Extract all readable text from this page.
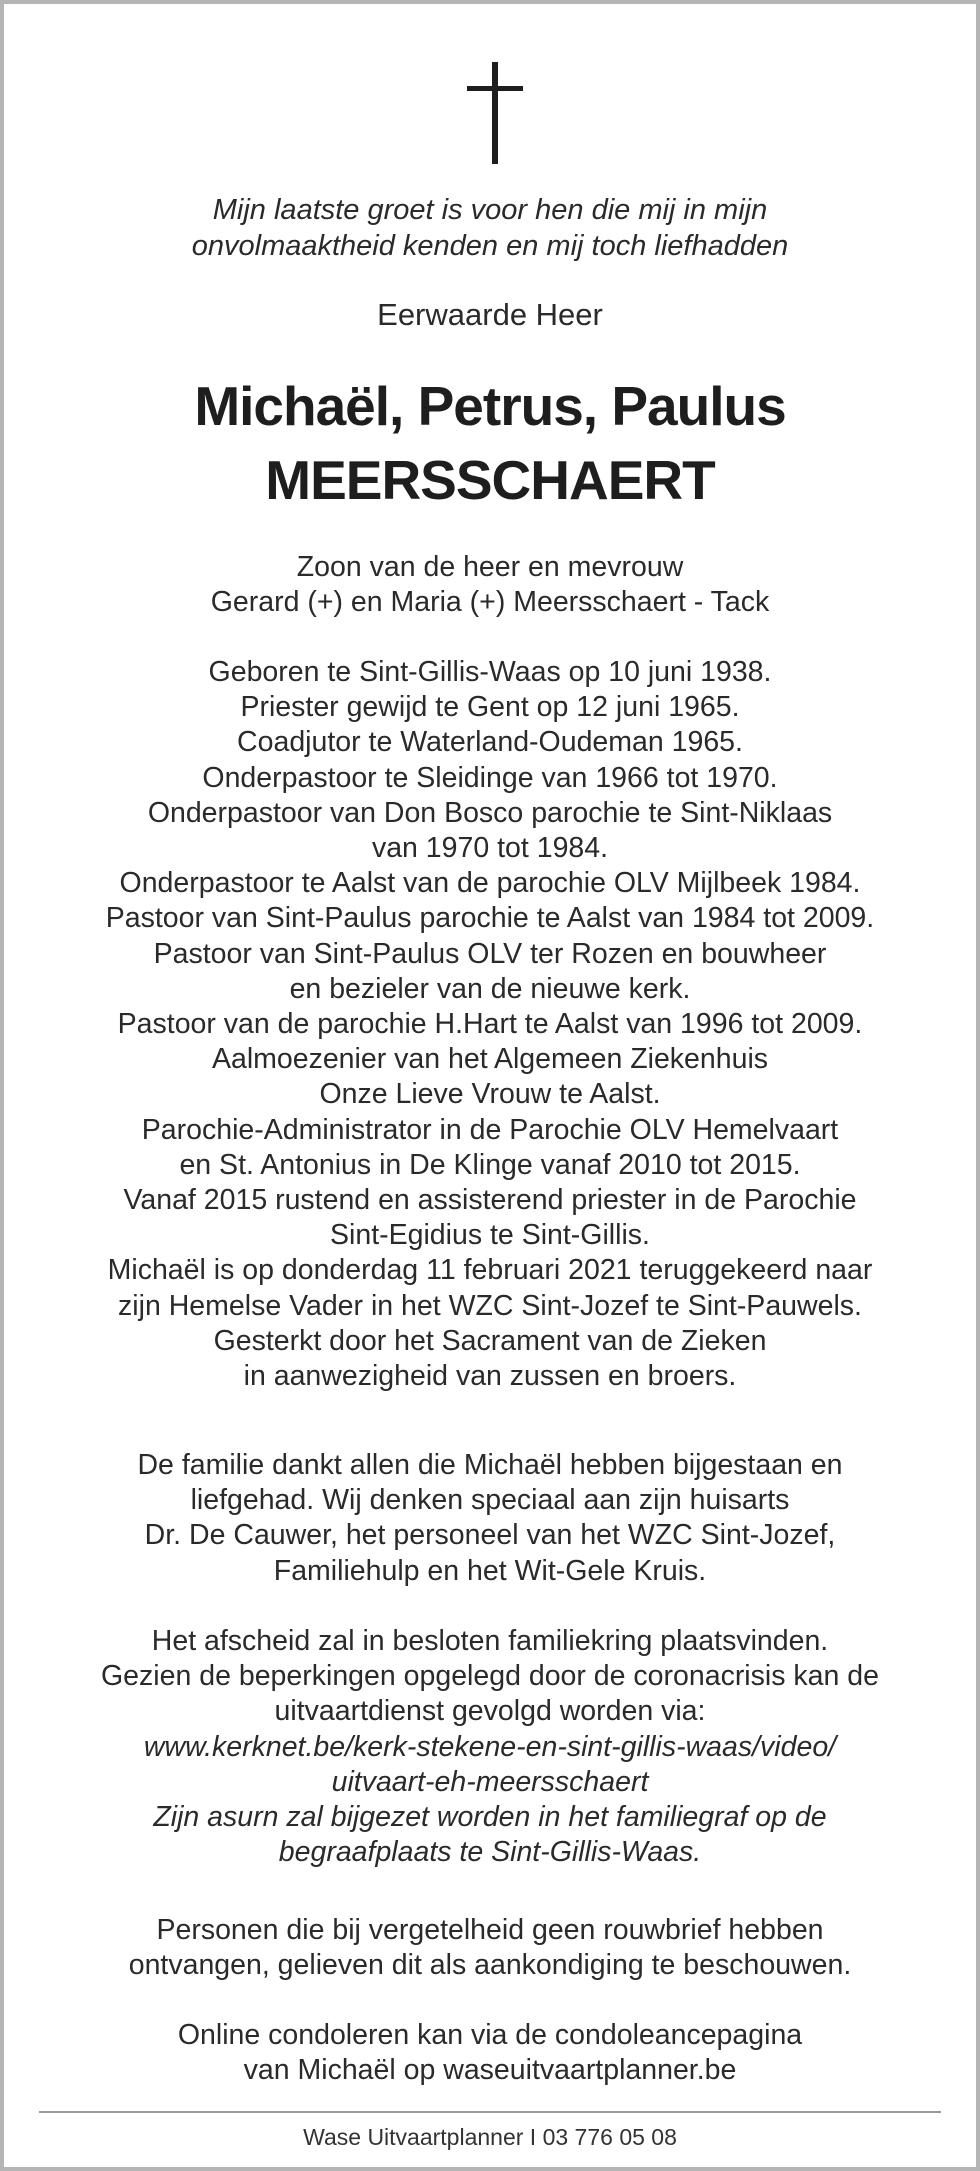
Mijn laatste groet is voor hen die mij in mijn
onvolmaaktheid kenden en mij toch liefhadden
Eerwaarde Heer
Michaël, Petrus, Paulus
MEERSSCHAERT
Zoon van de heer en mevrouw
Gerard (+) en Maria (+) Meersschaert - Tack
Geboren te Sint-Gillis-Waas op 10 juni 1938.
Priester gewijd te Gent op 12 juni 1965.
Coadjutor te Waterland-Oudeman 1965.
Onderpastoor te Sleidinge van 1966 tot 1970.
Onderpastoor van Don Bosco parochie te Sint-Niklaas
van 1970 tot 1984.
Onderpastoor te Aalst van de parochie OLV Mijlbeek 1984.
Pastoor van Sint-Paulus parochie te Aalst van 1984 tot 2009.
Pastoor van Sint-Paulus OLV ter Rozen en bouwheer
en bezieler van de nieuwe kerk.
Pastoor van de parochie H.Hart te Aalst van 1996 tot 2009.
Aalmoezenier van het Algemeen Ziekenhuis
Onze Lieve Vrouw te Aalst.
Parochie-Administrator in de Parochie OLV Hemelvaart
en St. Antonius in De Klinge vanaf 2010 tot 2015.
Vanaf 2015 rustend en assisterend priester in de Parochie
Sint-Egidius te Sint-Gillis.
Michaël is op donderdag 11 februari 2021 teruggekeerd naar
zijn Hemelse Vader in het WZC Sint-Jozef te Sint-Pauwels.
Gesterkt door het Sacrament van de Zieken
in aanwezigheid van zussen en broers.
De familie dankt allen die Michaël hebben bijgestaan en
liefgehad. Wij denken speciaal aan zijn huisarts
Dr. De Cauwer, het personeel van het WZC Sint-Jozef,
Familiehulp en het Wit-Gele Kruis.
Het afscheid zal in besloten familiekring plaatsvinden.
Gezien de beperkingen opgelegd door de coronacrisis kan de
uitvaartdienst gevolgd worden via:
www.kerknet.be/kerk-stekene-en-sint-gillis-waas/video/
uitvaart-eh-meersschaert
Zijn asurn zal bijgezet worden in het familiegraf op de
begraafplaats te Sint-Gillis-Waas.
Personen die bij vergetelheid geen rouwbrief hebben
ontvangen, gelieven dit als aankondiging te beschouwen.
Online condoleren kan via de condoleancepagina
van Michaël op waseuitvaartplanner.be
Wase Uitvaartplanner I 03 776 05 08
